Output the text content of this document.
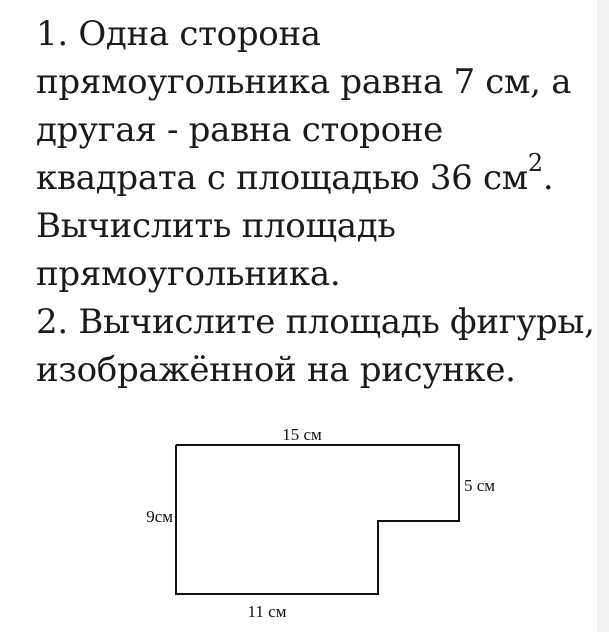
1. Одна сторона

прямоугольника равна 7 см, а

другая - равна стороне

квадрата с площадью 36 $см^2$.

Вычислить площадь

прямоугольника.

2. Вычислите площадь фигуры,

изображённой на рисунке.

15 см
5 см
9см
11 см
